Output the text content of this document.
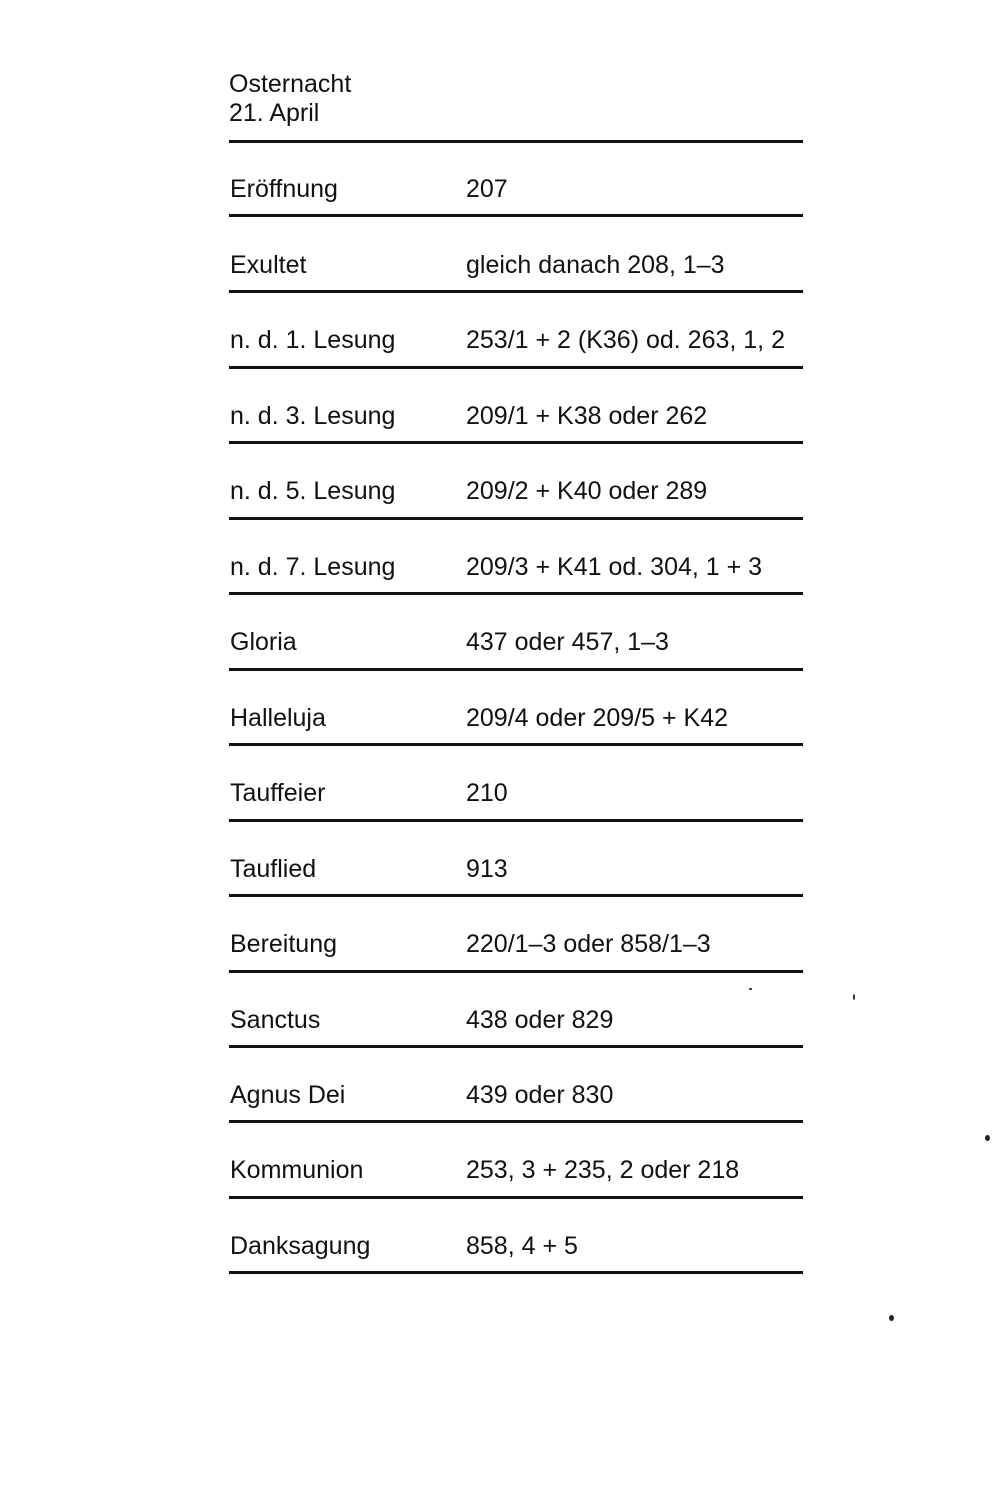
Osternacht
21. April
Eröffnung	207
Exultet	gleich danach 208, 1–3
n. d. 1. Lesung	253/1 + 2 (K36) od. 263, 1, 2
n. d. 3. Lesung	209/1 + K38 oder 262
n. d. 5. Lesung	209/2 + K40 oder 289
n. d. 7. Lesung	209/3 + K41 od. 304, 1 + 3
Gloria	437 oder 457, 1–3
Halleluja	209/4 oder 209/5 + K42
Tauffeier	210
Tauflied	913
Bereitung	220/1–3 oder 858/1–3
Sanctus	438 oder 829
Agnus Dei	439 oder 830
Kommunion	253, 3 + 235, 2 oder 218
Danksagung	858, 4 + 5
